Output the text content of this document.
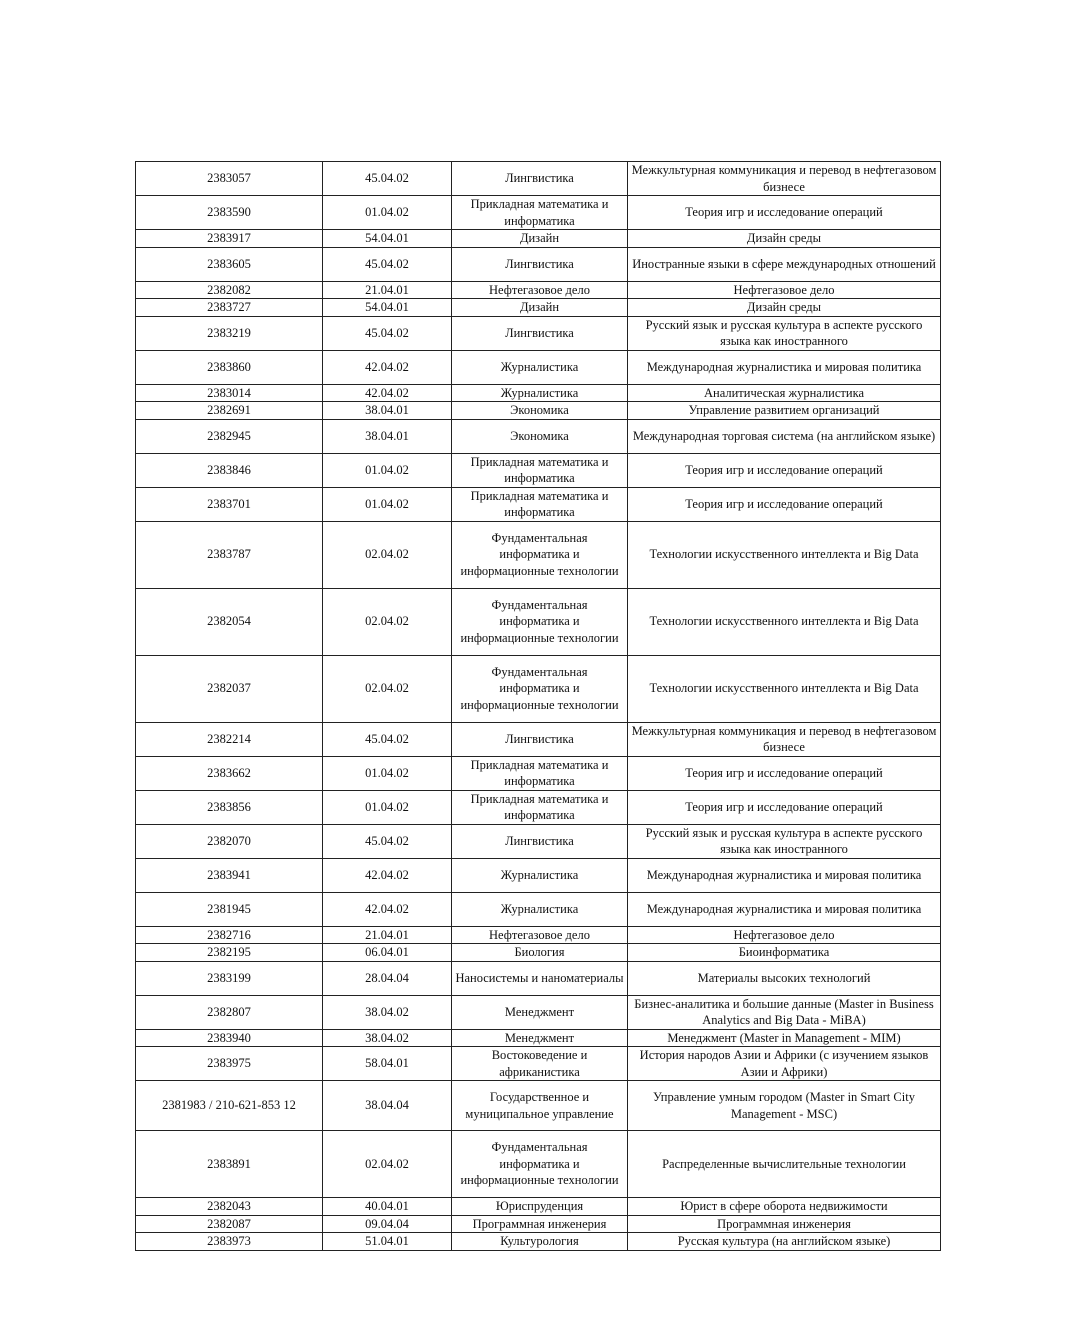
2383057	45.04.02	Лингвистика	Межкультурная коммуникация и перевод в нефтегазовом бизнесе
2383590	01.04.02	Прикладная математика и информатика	Теория игр и исследование операций
2383917	54.04.01	Дизайн	Дизайн среды
2383605	45.04.02	Лингвистика	Иностранные языки в сфере международных отношений
2382082	21.04.01	Нефтегазовое дело	Нефтегазовое дело
2383727	54.04.01	Дизайн	Дизайн среды
2383219	45.04.02	Лингвистика	Русский язык и русская культура в аспекте русского языка как иностранного
2383860	42.04.02	Журналистика	Международная журналистика и мировая политика
2383014	42.04.02	Журналистика	Аналитическая журналистика
2382691	38.04.01	Экономика	Управление развитием организаций
2382945	38.04.01	Экономика	Международная торговая система (на английском языке)
2383846	01.04.02	Прикладная математика и информатика	Теория игр и исследование операций
2383701	01.04.02	Прикладная математика и информатика	Теория игр и исследование операций
2383787	02.04.02	Фундаментальная информатика и информационные технологии	Технологии искусственного интеллекта и Big Data
2382054	02.04.02	Фундаментальная информатика и информационные технологии	Технологии искусственного интеллекта и Big Data
2382037	02.04.02	Фундаментальная информатика и информационные технологии	Технологии искусственного интеллекта и Big Data
2382214	45.04.02	Лингвистика	Межкультурная коммуникация и перевод в нефтегазовом бизнесе
2383662	01.04.02	Прикладная математика и информатика	Теория игр и исследование операций
2383856	01.04.02	Прикладная математика и информатика	Теория игр и исследование операций
2382070	45.04.02	Лингвистика	Русский язык и русская культура в аспекте русского языка как иностранного
2383941	42.04.02	Журналистика	Международная журналистика и мировая политика
2381945	42.04.02	Журналистика	Международная журналистика и мировая политика
2382716	21.04.01	Нефтегазовое дело	Нефтегазовое дело
2382195	06.04.01	Биология	Биоинформатика
2383199	28.04.04	Наносистемы и наноматериалы	Материалы высоких технологий
2382807	38.04.02	Менеджмент	Бизнес-аналитика и большие данные (Master in Business Analytics and Big Data - MiBA)
2383940	38.04.02	Менеджмент	Менеджмент (Master in Management - MIM)
2383975	58.04.01	Востоковедение и африканистика	История народов Азии и Африки (с изучением языков Азии и Африки)
2381983 / 210-621-853 12	38.04.04	Государственное и муниципальное управление	Управление умным городом (Master in Smart City Management - MSC)
2383891	02.04.02	Фундаментальная информатика и информационные технологии	Распределенные вычислительные технологии
2382043	40.04.01	Юриспруденция	Юрист в сфере оборота недвижимости
2382087	09.04.04	Программная инженерия	Программная инженерия
2383973	51.04.01	Культурология	Русская культура (на английском языке)
